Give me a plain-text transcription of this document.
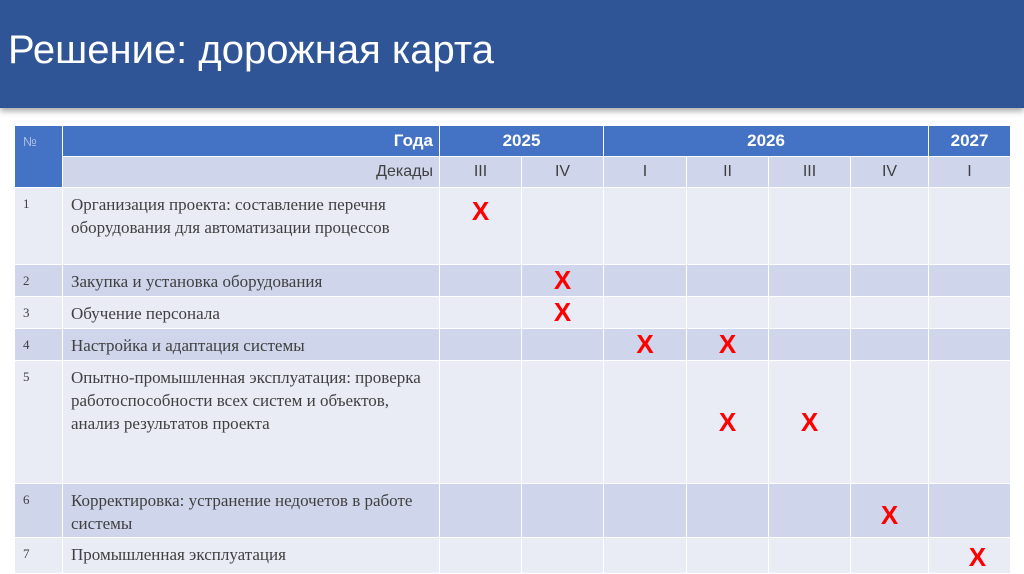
Решение: дорожная карта
№	Года	2025		2026				2027
	Декады	III	IV	I	II	III	IV	I
1	Организация проекта: составление перечня оборудования для автоматизации процессов	X						
2	Закупка и установка оборудования		X					
3	Обучение персонала		X					
4	Настройка и адаптация системы			X	X			
5	Опытно-промышленная эксплуатация: проверка работоспособности всех систем и объектов, анализ результатов проекта				X	X		
6	Корректировка: устранение недочетов в работе системы						X	
7	Промышленная эксплуатация							X
